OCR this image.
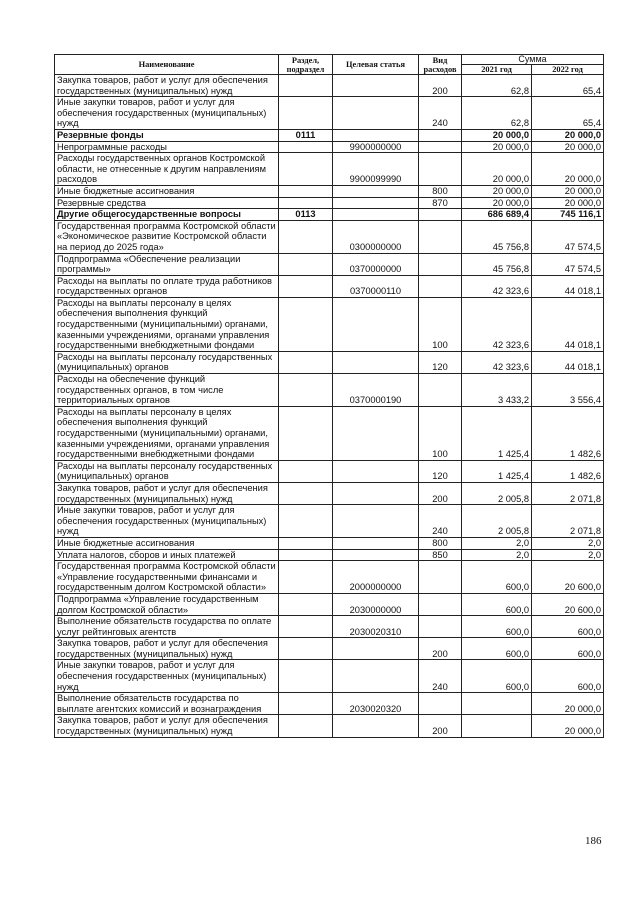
Наименование	Раздел, подраздел	Целевая статья	Вид расходов	Сумма	
				2021 год	2022 год
Закупка товаров, работ и услуг для обеспечения государственных (муниципальных) нужд			200	62,8	65,4
Иные закупки товаров, работ и услуг для обеспечения государственных (муниципальных) нужд			240	62,8	65,4
Резервные фонды	0111			20 000,0	20 000,0
Непрограммные расходы		9900000000		20 000,0	20 000,0
Расходы государственных органов Костромской области, не отнесенные к другим направлениям расходов		9900099990		20 000,0	20 000,0
Иные бюджетные ассигнования			800	20 000,0	20 000,0
Резервные средства			870	20 000,0	20 000,0
Другие общегосударственные вопросы	0113			686 689,4	745 116,1
Государственная программа Костромской области «Экономическое развитие Костромской области на период до 2025 года»		0300000000		45 756,8	47 574,5
Подпрограмма «Обеспечение реализации программы»		0370000000		45 756,8	47 574,5
Расходы на выплаты по оплате труда работников государственных органов		0370000110		42 323,6	44 018,1
Расходы на выплаты персоналу в целях обеспечения выполнения функций государственными (муниципальными) органами, казенными учреждениями, органами управления государственными внебюджетными фондами			100	42 323,6	44 018,1
Расходы на выплаты персоналу государственных (муниципальных) органов			120	42 323,6	44 018,1
Расходы на обеспечение функций государственных органов, в том числе территориальных органов		0370000190		3 433,2	3 556,4
Расходы на выплаты персоналу в целях обеспечения выполнения функций государственными (муниципальными) органами, казенными учреждениями, органами управления государственными внебюджетными фондами			100	1 425,4	1 482,6
Расходы на выплаты персоналу государственных (муниципальных) органов			120	1 425,4	1 482,6
Закупка товаров, работ и услуг для обеспечения государственных (муниципальных) нужд			200	2 005,8	2 071,8
Иные закупки товаров, работ и услуг для обеспечения государственных (муниципальных) нужд			240	2 005,8	2 071,8
Иные бюджетные ассигнования			800	2,0	2,0
Уплата налогов, сборов и иных платежей			850	2,0	2,0
Государственная программа Костромской области «Управление государственными финансами и государственным долгом Костромской области»		2000000000		600,0	20 600,0
Подпрограмма «Управление государственным долгом Костромской области»		2030000000		600,0	20 600,0
Выполнение обязательств государства по оплате услуг рейтинговых агентств		2030020310		600,0	600,0
Закупка товаров, работ и услуг для обеспечения государственных (муниципальных) нужд			200	600,0	600,0
Иные закупки товаров, работ и услуг для обеспечения государственных (муниципальных) нужд			240	600,0	600,0
Выполнение обязательств государства по выплате агентских комиссий и вознаграждения		2030020320			20 000,0
Закупка товаров, работ и услуг для обеспечения государственных (муниципальных) нужд			200		20 000,0
186
